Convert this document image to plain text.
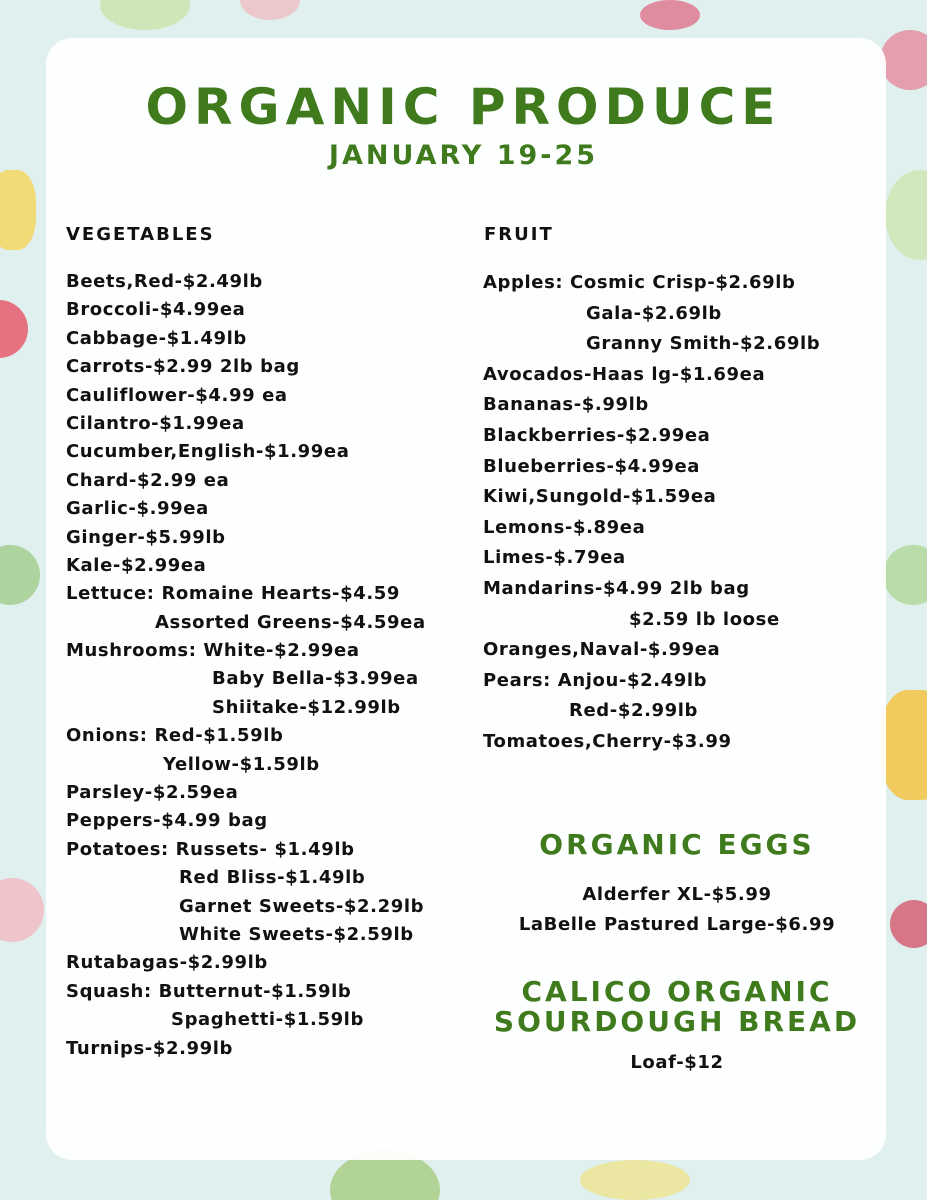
ORGANIC PRODUCE
JANUARY 19-25
VEGETABLES
Beets,Red-$2.49lb
Broccoli-$4.99ea
Cabbage-$1.49lb
Carrots-$2.99 2lb bag
Cauliflower-$4.99 ea
Cilantro-$1.99ea
Cucumber,English-$1.99ea
Chard-$2.99 ea
Garlic-$.99ea
Ginger-$5.99lb
Kale-$2.99ea
Lettuce: Romaine Hearts-$4.59
Assorted Greens-$4.59ea
Mushrooms: White-$2.99ea
Baby Bella-$3.99ea
Shiitake-$12.99lb
Onions: Red-$1.59lb
Yellow-$1.59lb
Parsley-$2.59ea
Peppers-$4.99 bag
Potatoes: Russets- $1.49lb
Red Bliss-$1.49lb
Garnet Sweets-$2.29lb
White Sweets-$2.59lb
Rutabagas-$2.99lb
Squash: Butternut-$1.59lb
Spaghetti-$1.59lb
Turnips-$2.99lb
FRUIT
Apples: Cosmic Crisp-$2.69lb
Gala-$2.69lb
Granny Smith-$2.69lb
Avocados-Haas lg-$1.69ea
Bananas-$.99lb
Blackberries-$2.99ea
Blueberries-$4.99ea
Kiwi,Sungold-$1.59ea
Lemons-$.89ea
Limes-$.79ea
Mandarins-$4.99 2lb bag
$2.59 lb loose
Oranges,Naval-$.99ea
Pears: Anjou-$2.49lb
Red-$2.99lb
Tomatoes,Cherry-$3.99
ORGANIC EGGS
Alderfer XL-$5.99
LaBelle Pastured Large-$6.99
CALICO ORGANIC
SOURDOUGH BREAD
Loaf-$12
